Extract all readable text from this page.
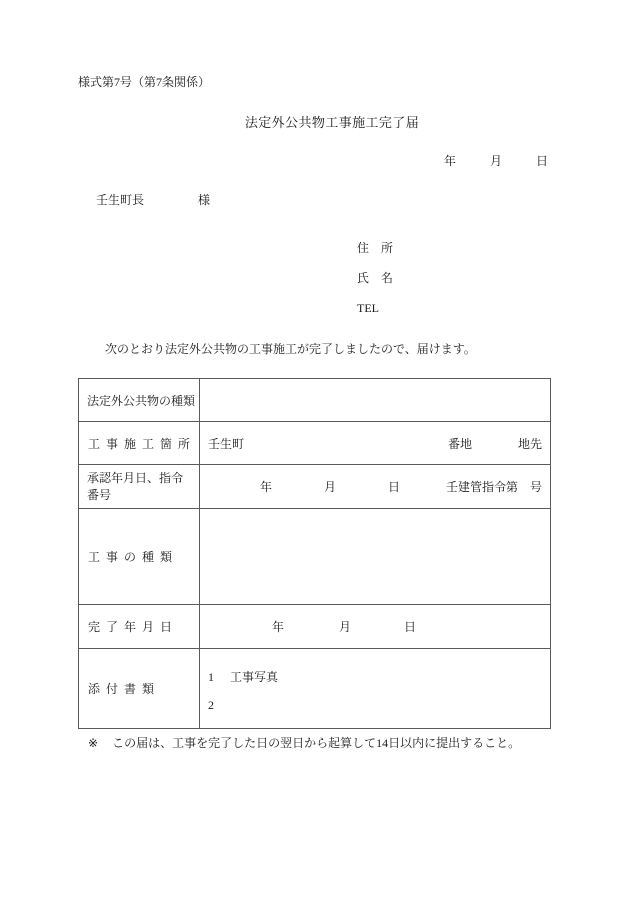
様式第7号（第7条関係）
法定外公共物工事施工完了届
年	月	日
壬生町長	様
住　所
氏　名
TEL
次のとおり法定外公共物の工事施工が完了しましたので、届けます。
法定外公共物の種類	

工事施工箇所	壬生町 番地 地先

承認年月日、指令番号	年 月 日 壬建管指令第 号

工事の種類	

完了年月日	年 月 日

添付書類	1 工事写真
2
※ この届は、工事を完了した日の翌日から起算して14日以内に提出すること。
